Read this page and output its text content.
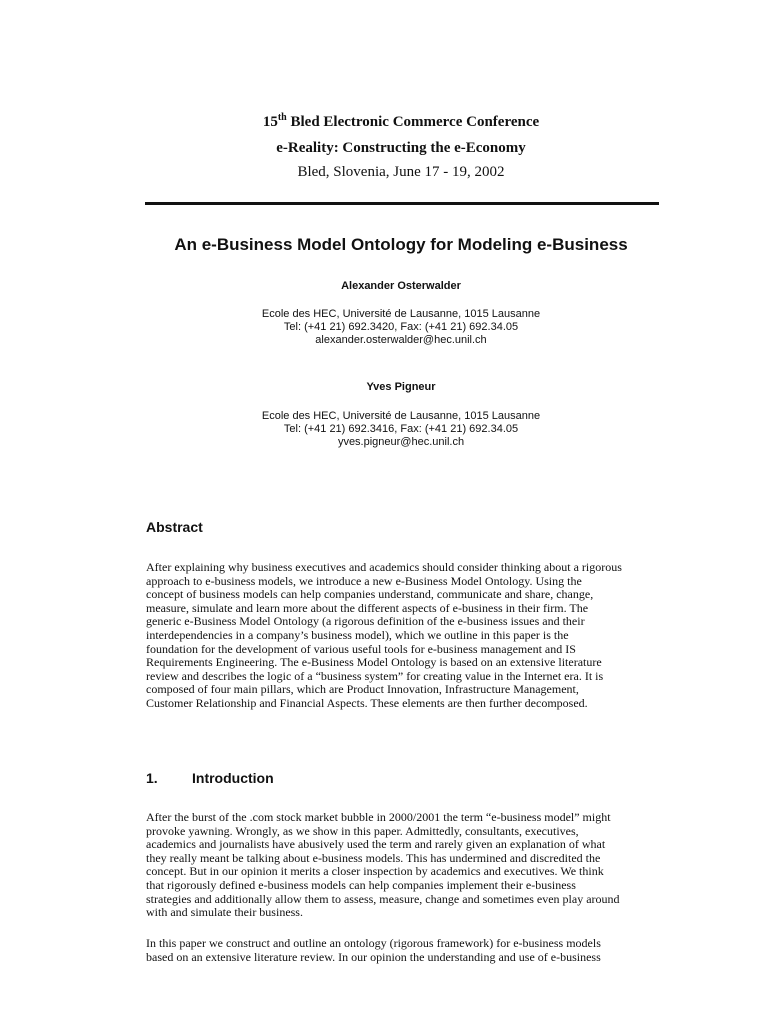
15th Bled Electronic Commerce Conference
e-Reality: Constructing the e-Economy
Bled, Slovenia, June 17 - 19, 2002
An e-Business Model Ontology for Modeling e-Business
Alexander Osterwalder
Ecole des HEC, Université de Lausanne, 1015 Lausanne
Tel: (+41 21) 692.3420, Fax: (+41 21) 692.34.05
alexander.osterwalder@hec.unil.ch
Yves Pigneur
Ecole des HEC, Université de Lausanne, 1015 Lausanne
Tel: (+41 21) 692.3416, Fax: (+41 21) 692.34.05
yves.pigneur@hec.unil.ch
Abstract

After explaining why business executives and academics should consider thinking about a rigorous
approach to e-business models, we introduce a new e-Business Model Ontology. Using the
concept of business models can help companies understand, communicate and share, change,
measure, simulate and learn more about the different aspects of e-business in their firm. The
generic e-Business Model Ontology (a rigorous definition of the e-business issues and their
interdependencies in a company’s business model), which we outline in this paper is the
foundation for the development of various useful tools for e-business management and IS
Requirements Engineering. The e-Business Model Ontology is based on an extensive literature
review and describes the logic of a “business system” for creating value in the Internet era. It is
composed of four main pillars, which are Product Innovation, Infrastructure Management,
Customer Relationship and Financial Aspects. These elements are then further decomposed.

1. Introduction

After the burst of the .com stock market bubble in 2000/2001 the term “e-business model” might
provoke yawning. Wrongly, as we show in this paper. Admittedly, consultants, executives,
academics and journalists have abusively used the term and rarely given an explanation of what
they really meant be talking about e-business models. This has undermined and discredited the
concept. But in our opinion it merits a closer inspection by academics and executives. We think
that rigorously defined e-business models can help companies implement their e-business
strategies and additionally allow them to assess, measure, change and sometimes even play around
with and simulate their business.

In this paper we construct and outline an ontology (rigorous framework) for e-business models
based on an extensive literature review. In our opinion the understanding and use of e-business
